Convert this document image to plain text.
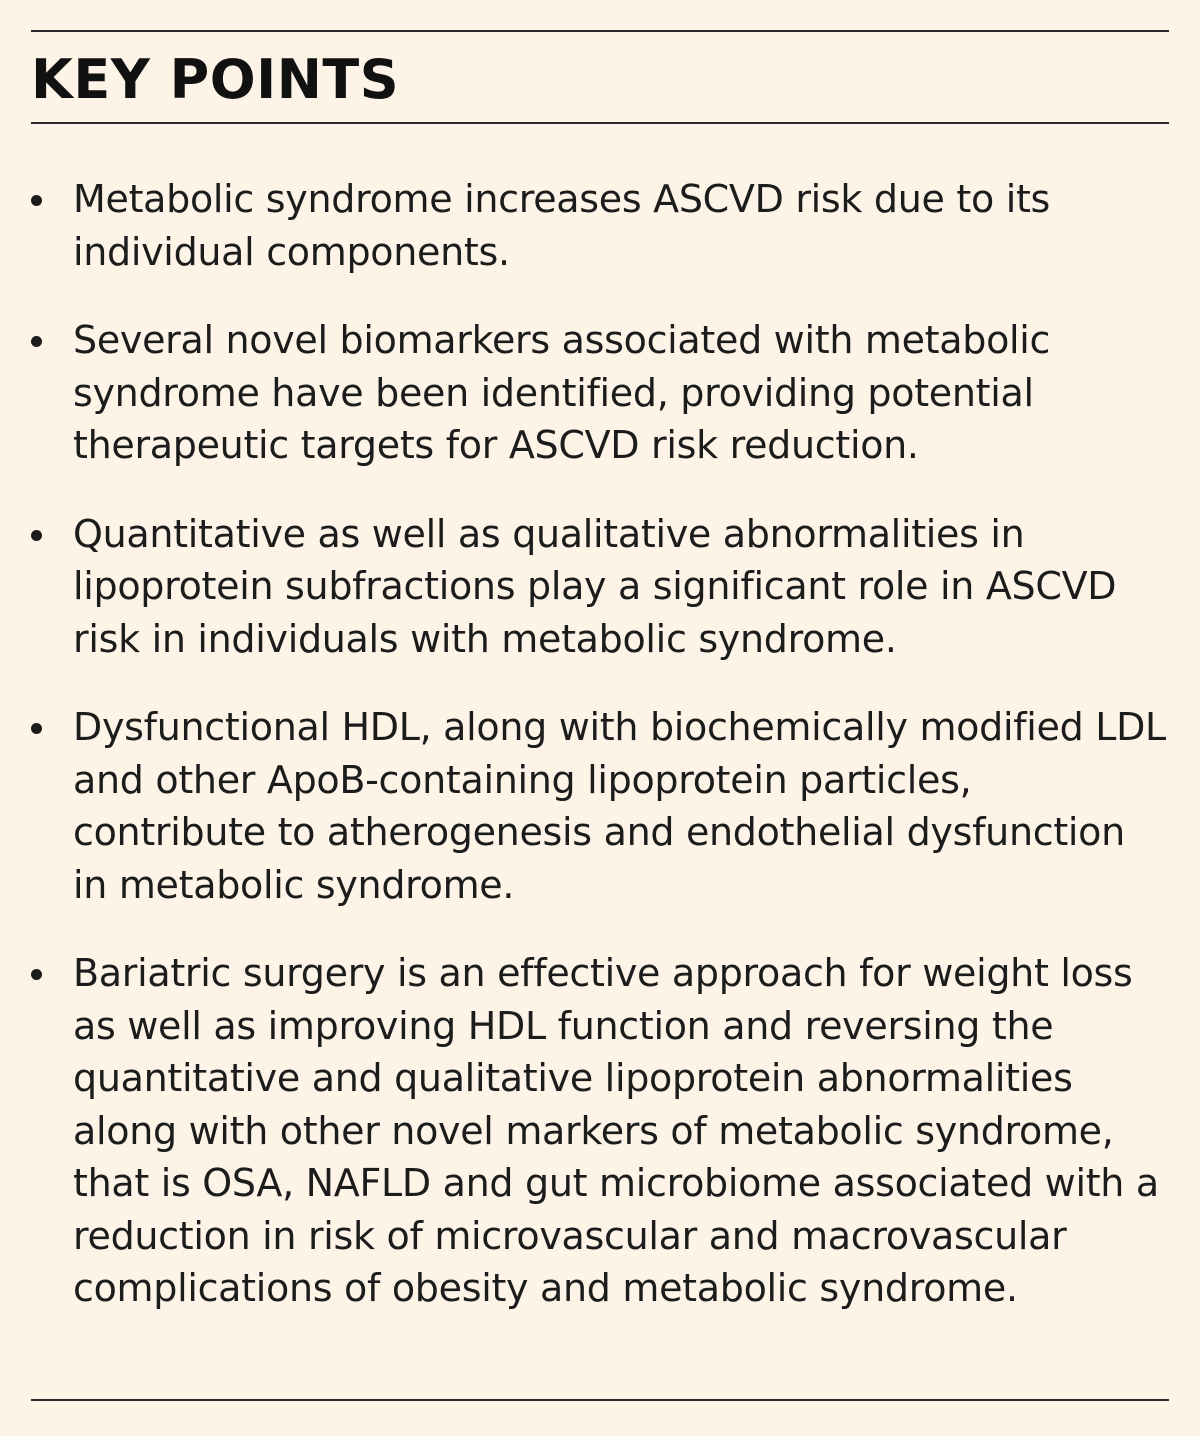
KEY POINTS
Metabolic syndrome increases ASCVD risk due to its individual components.
Several novel biomarkers associated with metabolic syndrome have been identified, providing potential therapeutic targets for ASCVD risk reduction.
Quantitative as well as qualitative abnormalities in lipoprotein subfractions play a significant role in ASCVD risk in individuals with metabolic syndrome.
Dysfunctional HDL, along with biochemically modified LDL and other ApoB-containing lipoprotein particles, contribute to atherogenesis and endothelial dysfunction in metabolic syndrome.
Bariatric surgery is an effective approach for weight loss as well as improving HDL function and reversing the quantitative and qualitative lipoprotein abnormalities along with other novel markers of metabolic syndrome, that is OSA, NAFLD and gut microbiome associated with a reduction in risk of microvascular and macrovascular complications of obesity and metabolic syndrome.
